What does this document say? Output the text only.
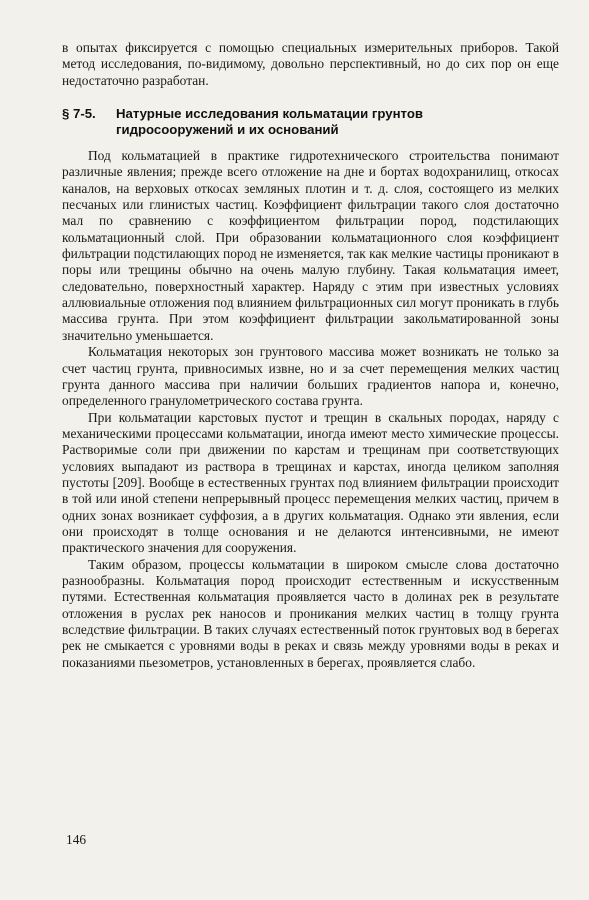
в опытах фиксируется с помощью специальных измерительных приборов. Такой метод исследования, по-видимому, довольно перспективный, но до сих пор он еще недостаточно разработан.

§ 7-5. Натурные исследования кольматации грунтов
гидросооружений и их оснований

Под кольматацией в практике гидротехнического строительства понимают различные явления; прежде всего отложение на дне и бортах водохранилищ, откосах каналов, на верховых откосах земляных плотин и т. д. слоя, состоящего из мелких песчаных или глинистых частиц. Коэффициент фильтрации такого слоя достаточно мал по сравнению с коэффициентом фильтрации пород, подстилающих кольматационный слой. При образовании кольматационного слоя коэффициент фильтрации подстилающих пород не изменяется, так как мелкие частицы проникают в поры или трещины обычно на очень малую глубину. Такая кольматация имеет, следовательно, поверхностный характер. Наряду с этим при известных условиях аллювиальные отложения под влиянием фильтрационных сил могут проникать в глубь массива грунта. При этом коэффициент фильтрации закольматированной зоны значительно уменьшается.

Кольматация некоторых зон грунтового массива может возникать не только за счет частиц грунта, привносимых извне, но и за счет перемещения мелких частиц грунта данного массива при наличии больших градиентов напора и, конечно, определенного гранулометрического состава грунта.

При кольматации карстовых пустот и трещин в скальных породах, наряду с механическими процессами кольматации, иногда имеют место химические процессы. Растворимые соли при движении по карстам и трещинам при соответствующих условиях выпадают из раствора в трещинах и карстах, иногда целиком заполняя пустоты [209]. Вообще в естественных грунтах под влиянием фильтрации происходит в той или иной степени непрерывный процесс перемещения мелких частиц, причем в одних зонах возникает суффозия, а в других кольматация. Однако эти явления, если они происходят в толще основания и не делаются интенсивными, не имеют практического значения для сооружения.

Таким образом, процессы кольматации в широком смысле слова достаточно разнообразны. Кольматация пород происходит естественным и искусственным путями. Естественная кольматация проявляется часто в долинах рек в результате отложения в руслах рек наносов и проникания мелких частиц в толщу грунта вследствие фильтрации. В таких случаях естественный поток грунтовых вод в берегах рек не смыкается с уровнями воды в реках и связь между уровнями воды в реках и показаниями пьезометров, установленных в берегах, проявляется слабо.

146
